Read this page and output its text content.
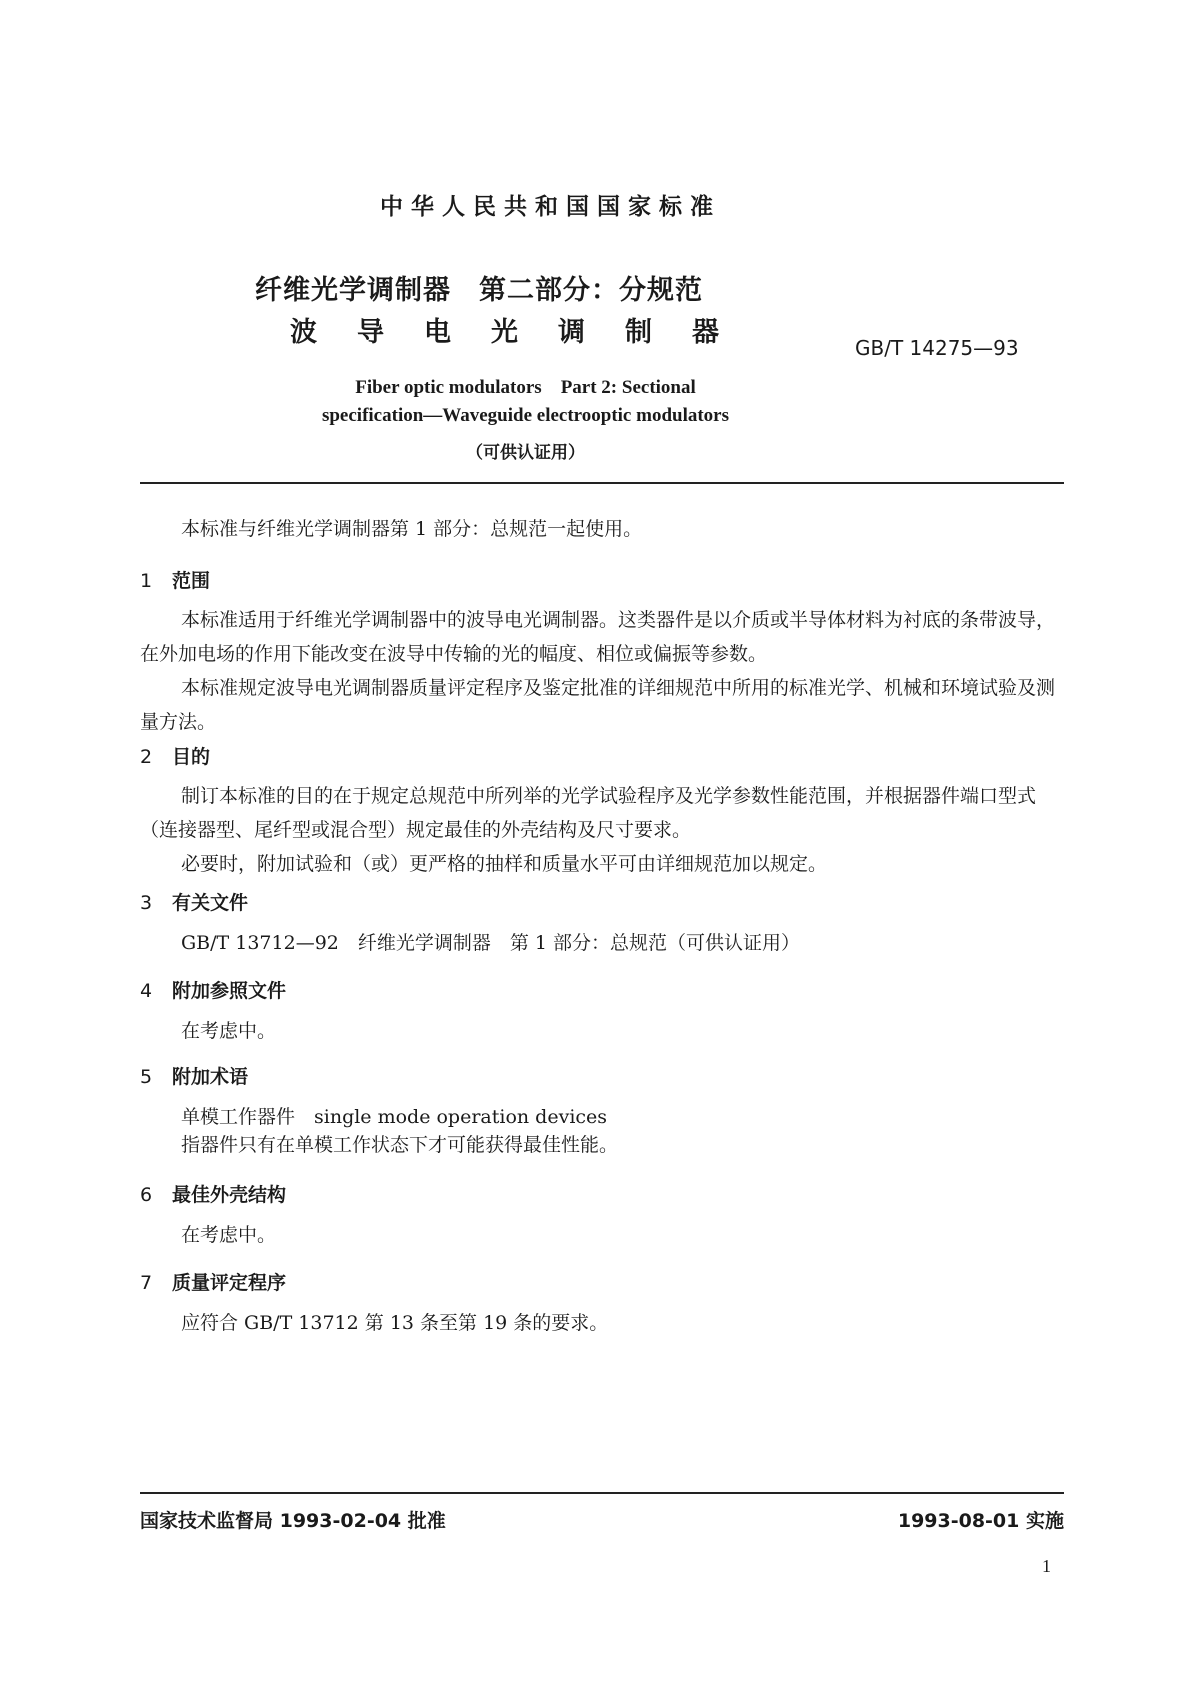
中华人民共和国国家标准
纤维光学调制器　第二部分：分规范
波导电光调制器	GB/T 14275—93
Fiber optic modulators　Part 2: Sectional
specification—Waveguide electrooptic modulators
（可供认证用）
本标准与纤维光学调制器第 1 部分：总规范一起使用。
1 范围
本标准适用于纤维光学调制器中的波导电光调制器。这类器件是以介质或半导体材料为衬底的条带波导，在外加电场的作用下能改变在波导中传输的光的幅度、相位或偏振等参数。
本标准规定波导电光调制器质量评定程序及鉴定批准的详细规范中所用的标准光学、机械和环境试验及测量方法。
2 目的
制订本标准的目的在于规定总规范中所列举的光学试验程序及光学参数性能范围，并根据器件端口型式（连接器型、尾纤型或混合型）规定最佳的外壳结构及尺寸要求。
必要时，附加试验和（或）更严格的抽样和质量水平可由详细规范加以规定。
3 有关文件
GB/T 13712—92　纤维光学调制器　第 1 部分：总规范（可供认证用）
4 附加参照文件
在考虑中。
5 附加术语
单模工作器件　single mode operation devices
指器件只有在单模工作状态下才可能获得最佳性能。
6 最佳外壳结构
在考虑中。
7 质量评定程序
应符合 GB/T 13712 第 13 条至第 19 条的要求。
国家技术监督局 1993-02-04 批准	1993-08-01 实施
1
